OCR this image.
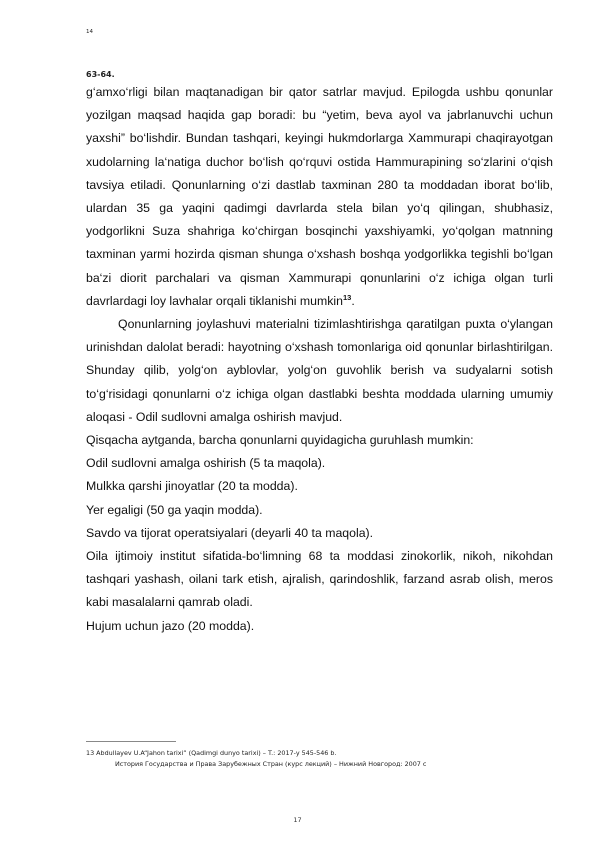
14
63-64.

g‘amxo‘rligi bilan maqtanadigan bir qator satrlar mavjud. Epilogda ushbu qonunlar yozilgan maqsad haqida gap boradi: bu “yetim, beva ayol va jabrlanuvchi uchun yaxshi” bo‘lishdir. Bundan tashqari, keyingi hukmdorlarga Xammurapi chaqirayotgan xudolarning la‘natiga duchor bo‘lish qo‘rquvi ostida Hammurapining so‘zlarini o‘qish tavsiya etiladi. Qonunlarning o‘zi dastlab taxminan 280 ta moddadan iborat bo‘lib, ulardan 35 ga yaqini qadimgi davrlarda stela bilan yo‘q qilingan, shubhasiz, yodgorlikni Suza shahriga ko‘chirgan bosqinchi yaxshiyamki, yo‘qolgan matnning taxminan yarmi hozirda qisman shunga o‘xshash boshqa yodgorlikka tegishli bo‘lgan ba‘zi diorit parchalari va qisman Xammurapi qonunlarini o‘z ichiga olgan turli davrlardagi loy lavhalar orqali tiklanishi mumkin$^{13}$.

Qonunlarning joylashuvi materialni tizimlashtirishga qaratilgan puxta o‘ylangan urinishdan dalolat beradi: hayotning o‘xshash tomonlariga oid qonunlar birlashtirilgan. Shunday qilib, yolg‘on ayblovlar, yolg‘on guvohlik berish va sudyalarni sotish to‘g‘risidagi qonunlarni o‘z ichiga olgan dastlabki beshta moddada ularning umumiy aloqasi - Odil sudlovni amalga oshirish mavjud.

Qisqacha aytganda, barcha qonunlarni quyidagicha guruhlash mumkin:

Odil sudlovni amalga oshirish (5 ta maqola).

Mulkka qarshi jinoyatlar (20 ta modda).

Yer egaligi (50 ga yaqin modda).

Savdo va tijorat operatsiyalari (deyarli 40 ta maqola).

Oila ijtimoiy institut sifatida-bo‘limning 68 ta moddasi zinokorlik, nikoh, nikohdan tashqari yashash, oilani tark etish, ajralish, qarindoshlik, farzand asrab olish, meros kabi masalalarni qamrab oladi.

Hujum uchun jazo (20 modda).

13 Abdullayev U.A“Jahon tarixi” (Qadimgi dunyo tarixi) – T.: 2017-y 545-546 b.
История Государства и Права Зарубежных Стран (курс лекций) – Нижний Новгород: 2007 с
17
